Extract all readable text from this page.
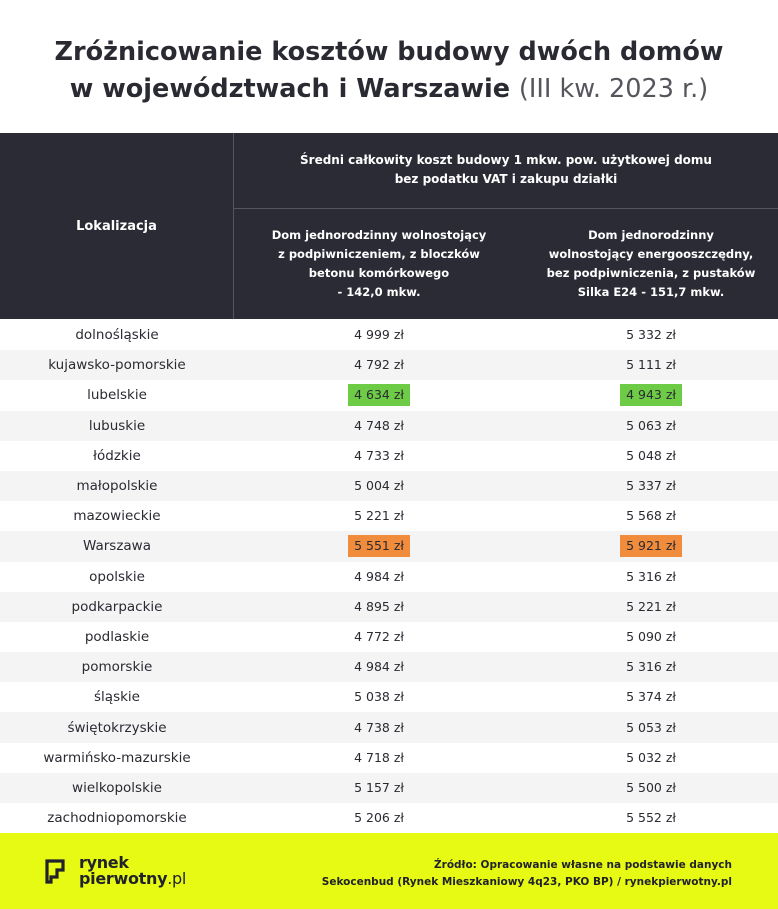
Zróżnicowanie kosztów budowy dwóch domów
w województwach i Warszawie (III kw. 2023 r.)
Lokalizacja
Średni całkowity koszt budowy 1 mkw. pow. użytkowej domu
bez podatku VAT i zakupu działki
Dom jednorodzinny wolnostojący
z podpiwniczeniem, z bloczków
betonu komórkowego
- 142,0 mkw.
Dom jednorodzinny
wolnostojący energooszczędny,
bez podpiwniczenia, z pustaków
Silka E24 - 151,7 mkw.
dolnośląskie	4 999 zł	5 332 zł
kujawsko-pomorskie	4 792 zł	5 111 zł
lubelskie	4 634 zł	4 943 zł
lubuskie	4 748 zł	5 063 zł
łódzkie	4 733 zł	5 048 zł
małopolskie	5 004 zł	5 337 zł
mazowieckie	5 221 zł	5 568 zł
Warszawa	5 551 zł	5 921 zł
opolskie	4 984 zł	5 316 zł
podkarpackie	4 895 zł	5 221 zł
podlaskie	4 772 zł	5 090 zł
pomorskie	4 984 zł	5 316 zł
śląskie	5 038 zł	5 374 zł
świętokrzyskie	4 738 zł	5 053 zł
warmińsko-mazurskie	4 718 zł	5 032 zł
wielkopolskie	5 157 zł	5 500 zł
zachodniopomorskie	5 206 zł	5 552 zł
rynek
pierwotny.pl
Źródło: Opracowanie własne na podstawie danych
Sekocenbud (Rynek Mieszkaniowy 4q23, PKO BP) / rynekpierwotny.pl
